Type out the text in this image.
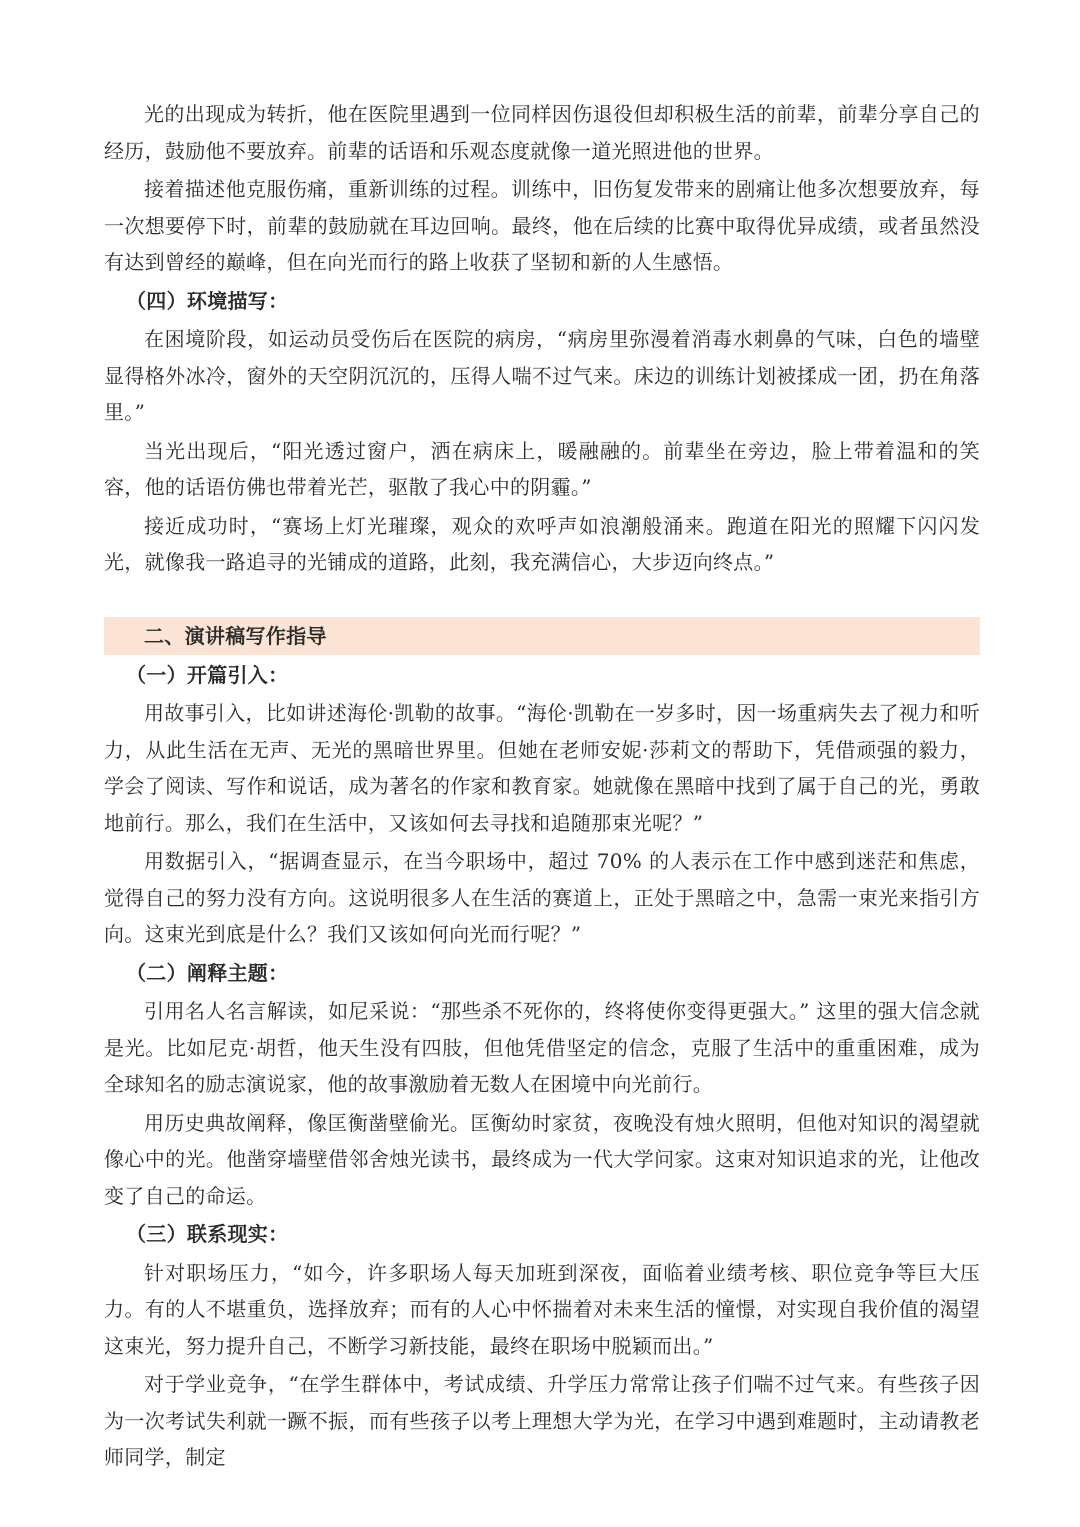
光的出现成为转折，他在医院里遇到一位同样因伤退役但却积极生活的前辈，前辈分享自己的经历，鼓励他不要放弃。前辈的话语和乐观态度就像一道光照进他的世界。

接着描述他克服伤痛，重新训练的过程。训练中，旧伤复发带来的剧痛让他多次想要放弃，每一次想要停下时，前辈的鼓励就在耳边回响。最终，他在后续的比赛中取得优异成绩，或者虽然没有达到曾经的巅峰，但在向光而行的路上收获了坚韧和新的人生感悟。

（四）环境描写：

在困境阶段，如运动员受伤后在医院的病房，“病房里弥漫着消毒水刺鼻的气味，白色的墙壁显得格外冰冷，窗外的天空阴沉沉的，压得人喘不过气来。床边的训练计划被揉成一团，扔在角落里。”

当光出现后，“阳光透过窗户，洒在病床上，暖融融的。前辈坐在旁边，脸上带着温和的笑容，他的话语仿佛也带着光芒，驱散了我心中的阴霾。”

接近成功时，“赛场上灯光璀璨，观众的欢呼声如浪潮般涌来。跑道在阳光的照耀下闪闪发光，就像我一路追寻的光铺成的道路，此刻，我充满信心，大步迈向终点。”

二、演讲稿写作指导

（一）开篇引入：

用故事引入，比如讲述海伦·凯勒的故事。“海伦·凯勒在一岁多时，因一场重病失去了视力和听力，从此生活在无声、无光的黑暗世界里。但她在老师安妮·莎莉文的帮助下，凭借顽强的毅力，学会了阅读、写作和说话，成为著名的作家和教育家。她就像在黑暗中找到了属于自己的光，勇敢地前行。那么，我们在生活中，又该如何去寻找和追随那束光呢？”

用数据引入，“据调查显示，在当今职场中，超过 70% 的人表示在工作中感到迷茫和焦虑，觉得自己的努力没有方向。这说明很多人在生活的赛道上，正处于黑暗之中，急需一束光来指引方向。这束光到底是什么？我们又该如何向光而行呢？”

（二）阐释主题：

引用名人名言解读，如尼采说：“那些杀不死你的，终将使你变得更强大。” 这里的强大信念就是光。比如尼克·胡哲，他天生没有四肢，但他凭借坚定的信念，克服了生活中的重重困难，成为全球知名的励志演说家，他的故事激励着无数人在困境中向光前行。

用历史典故阐释，像匡衡凿壁偷光。匡衡幼时家贫，夜晚没有烛火照明，但他对知识的渴望就像心中的光。他凿穿墙壁借邻舍烛光读书，最终成为一代大学问家。这束对知识追求的光，让他改变了自己的命运。

（三）联系现实：

针对职场压力，“如今，许多职场人每天加班到深夜，面临着业绩考核、职位竞争等巨大压力。有的人不堪重负，选择放弃；而有的人心中怀揣着对未来生活的憧憬，对实现自我价值的渴望这束光，努力提升自己，不断学习新技能，最终在职场中脱颖而出。”

对于学业竞争，“在学生群体中，考试成绩、升学压力常常让孩子们喘不过气来。有些孩子因为一次考试失利就一蹶不振，而有些孩子以考上理想大学为光，在学习中遇到难题时，主动请教老师同学，制定
